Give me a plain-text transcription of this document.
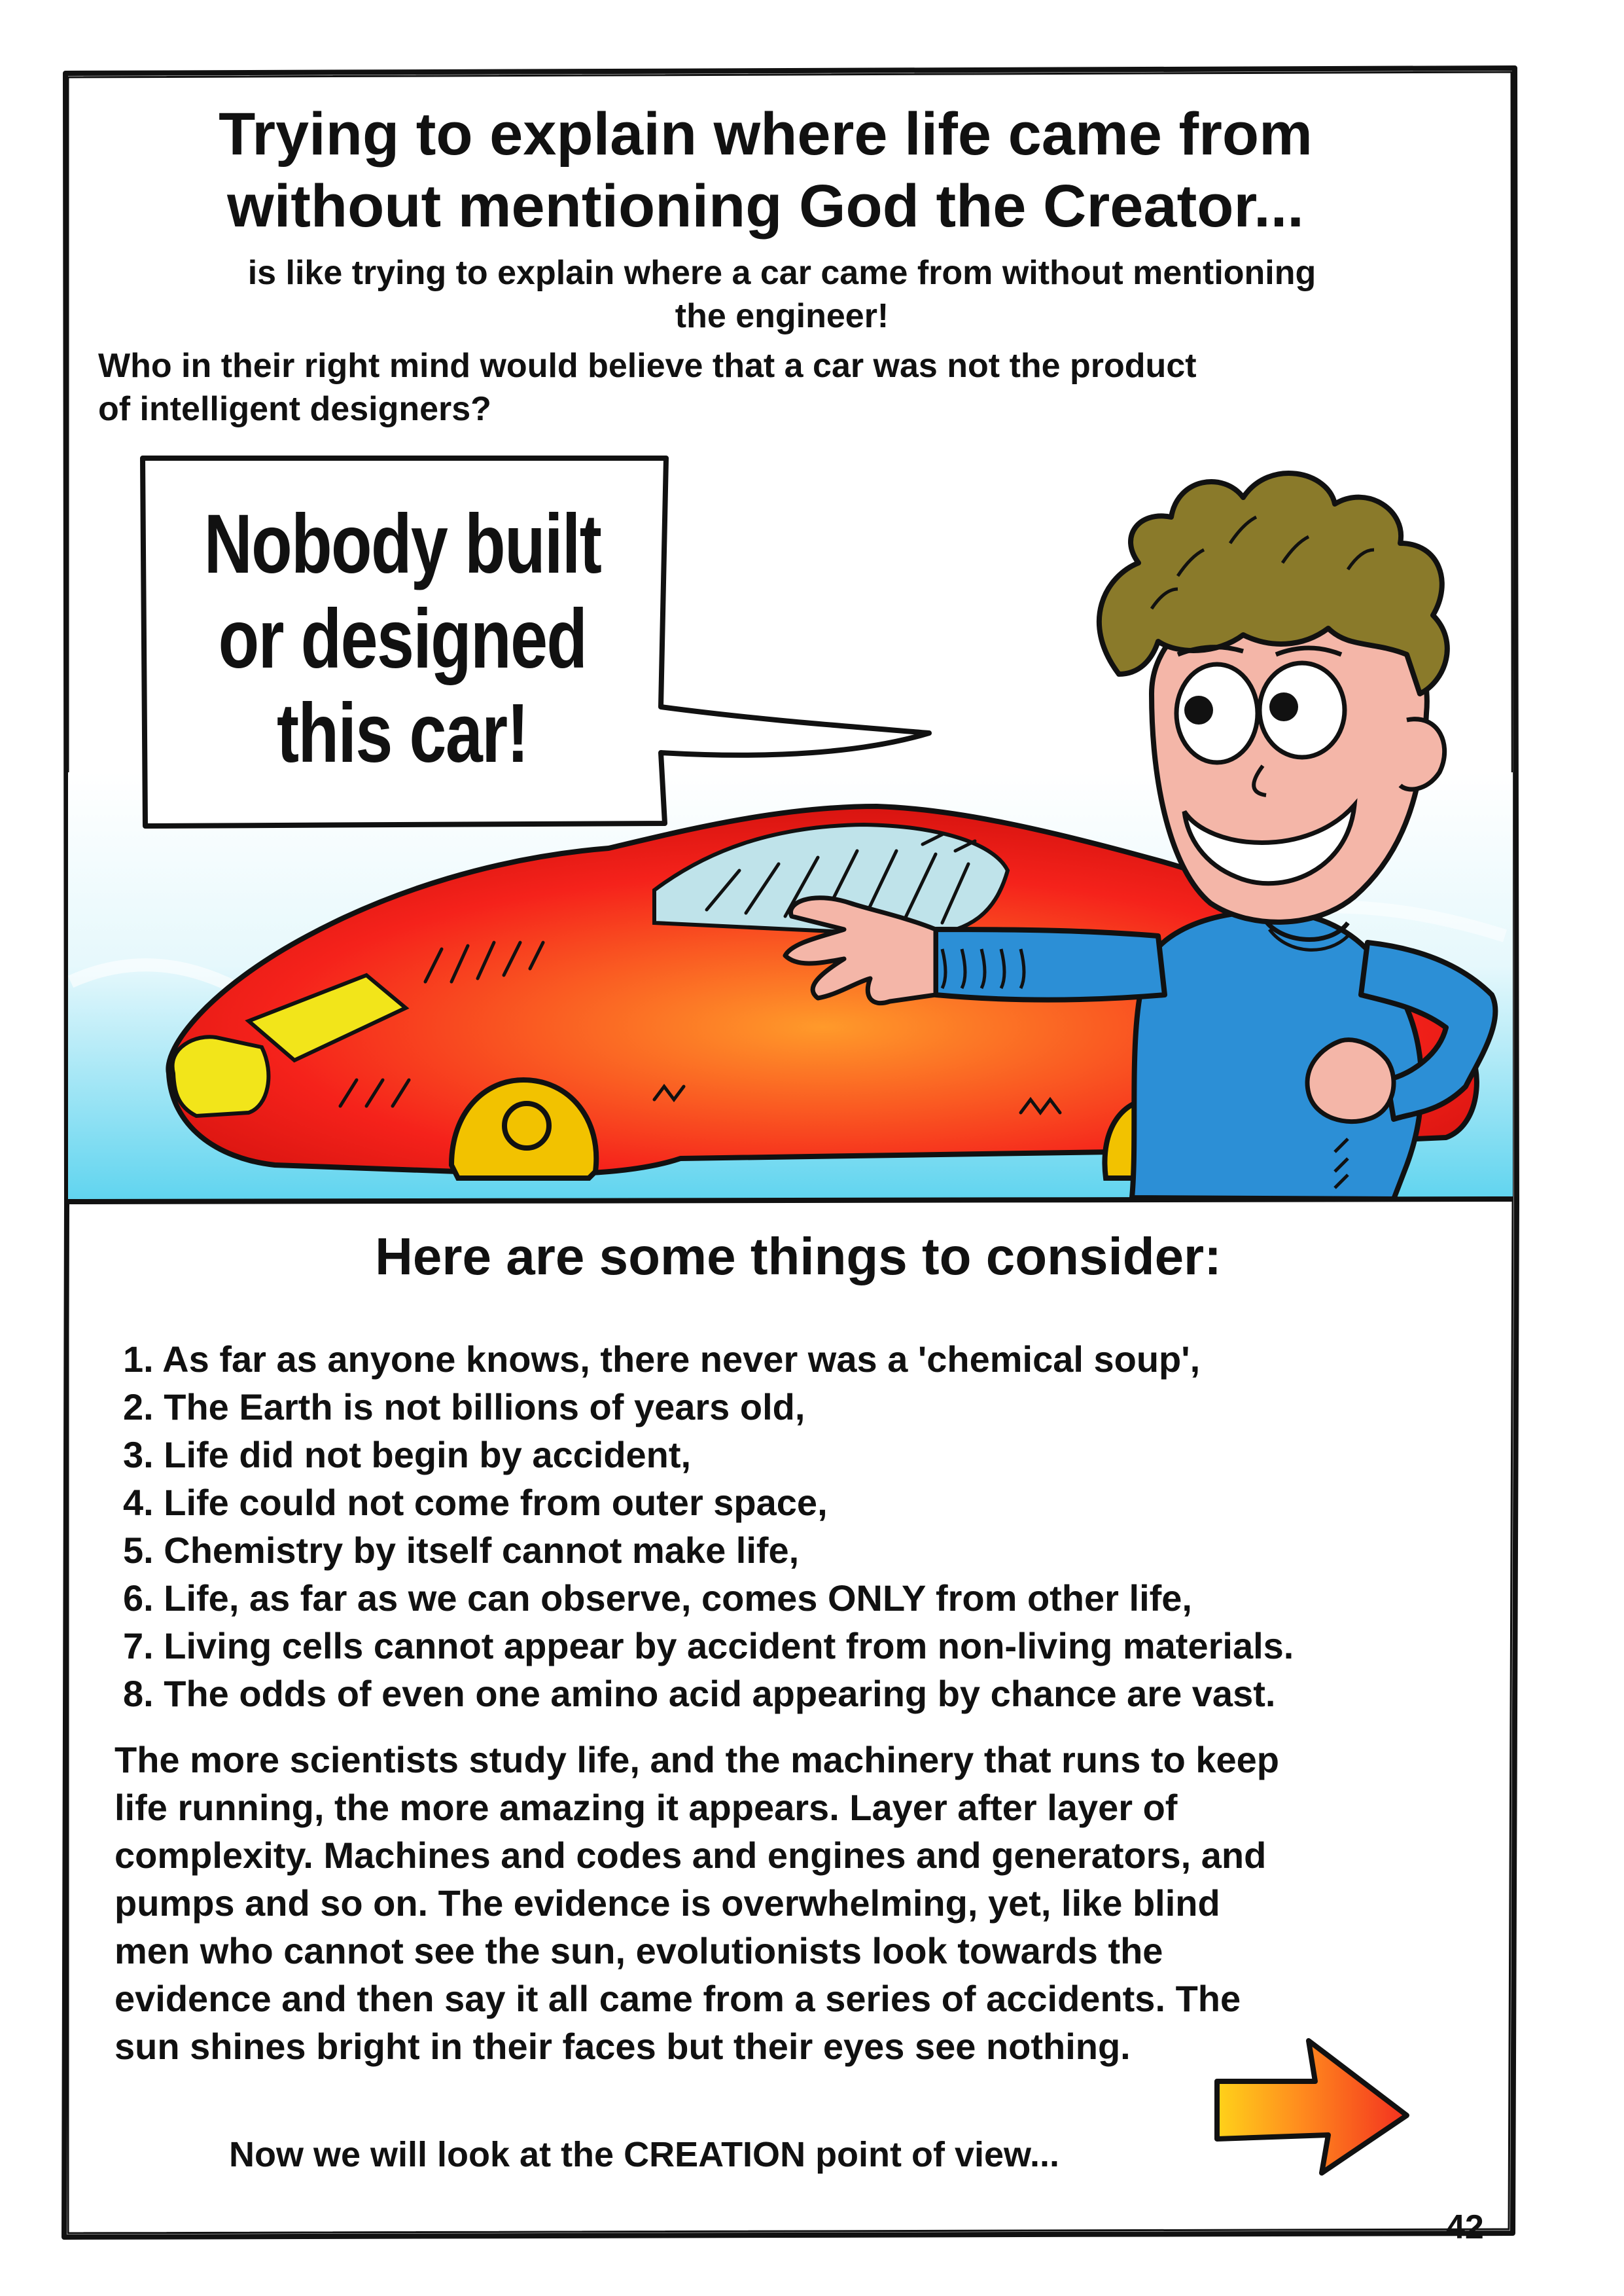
Trying to explain where life came from
without mentioning God the Creator...
is like trying to explain where a car came from without mentioning
the engineer!
Who in their right mind would believe that a car was not the product
of intelligent designers?
Nobody built
or designed
this car!
Here are some things to consider:
1. As far as anyone knows, there never was a 'chemical soup',
2. The Earth is not billions of years old,
3. Life did not begin by accident,
4. Life could not come from outer space,
5. Chemistry by itself cannot make life,
6. Life, as far as we can observe, comes ONLY from other life,
7. Living cells cannot appear by accident from non-living materials.
8. The odds of even one amino acid appearing by chance are vast.
The more scientists study life, and the machinery that runs to keep
life running, the more amazing it appears. Layer after layer of
complexity. Machines and codes and engines and generators, and
pumps and so on. The evidence is overwhelming, yet, like blind
men who cannot see the sun, evolutionists look towards the
evidence and then say it all came from a series of accidents. The
sun shines bright in their faces but their eyes see nothing.
Now we will look at the CREATION point of view...
42
